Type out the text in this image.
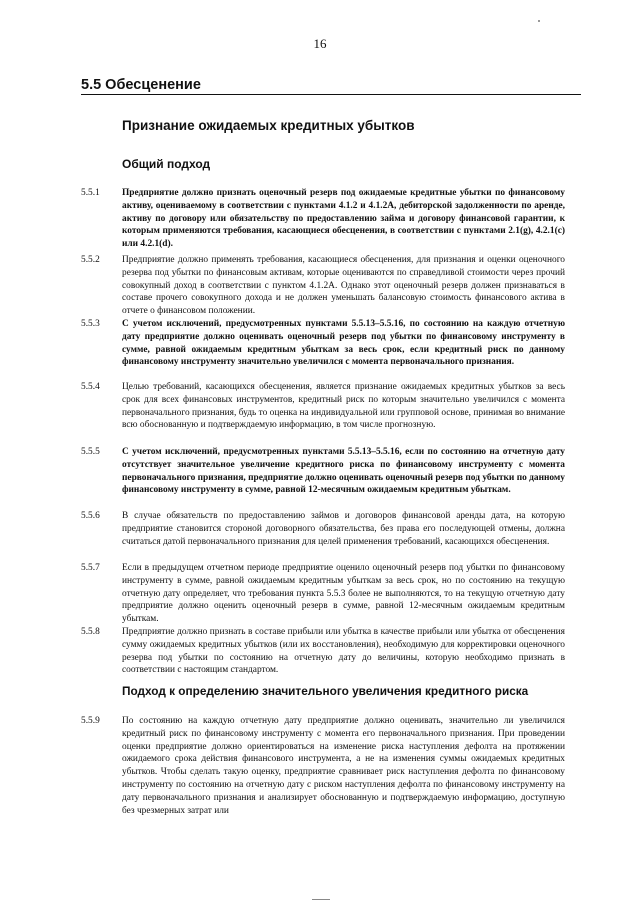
16
5.5 Обесценение
Признание ожидаемых кредитных убытков
Общий подход
5.5.1 Предприятие должно признать оценочный резерв под ожидаемые кредитные убытки по финансовому активу, оцениваемому в соответствии с пунктами 4.1.2 и 4.1.2А, дебиторской задолженности по аренде, активу по договору или обязательству по предоставлению займа и договору финансовой гарантии, к которым применяются требования, касающиеся обесценения, в соответствии с пунктами 2.1(g), 4.2.1(c) или 4.2.1(d).
5.5.2 Предприятие должно применять требования, касающиеся обесценения, для признания и оценки оценочного резерва под убытки по финансовым активам, которые оцениваются по справедливой стоимости через прочий совокупный доход в соответствии с пунктом 4.1.2А. Однако этот оценочный резерв должен признаваться в составе прочего совокупного дохода и не должен уменьшать балансовую стоимость финансового актива в отчете о финансовом положении.
5.5.3 С учетом исключений, предусмотренных пунктами 5.5.13–5.5.16, по состоянию на каждую отчетную дату предприятие должно оценивать оценочный резерв под убытки по финансовому инструменту в сумме, равной ожидаемым кредитным убыткам за весь срок, если кредитный риск по данному финансовому инструменту значительно увеличился с момента первоначального признания.
5.5.4 Целью требований, касающихся обесценения, является признание ожидаемых кредитных убытков за весь срок для всех финансовых инструментов, кредитный риск по которым значительно увеличился с момента первоначального признания, будь то оценка на индивидуальной или групповой основе, принимая во внимание всю обоснованную и подтверждаемую информацию, в том числе прогнозную.
5.5.5 С учетом исключений, предусмотренных пунктами 5.5.13–5.5.16, если по состоянию на отчетную дату отсутствует значительное увеличение кредитного риска по финансовому инструменту с момента первоначального признания, предприятие должно оценивать оценочный резерв под убытки по данному финансовому инструменту в сумме, равной 12-месячным ожидаемым кредитным убыткам.
5.5.6 В случае обязательств по предоставлению займов и договоров финансовой аренды дата, на которую предприятие становится стороной договорного обязательства, без права его последующей отмены, должна считаться датой первоначального признания для целей применения требований, касающихся обесценения.
5.5.7 Если в предыдущем отчетном периоде предприятие оценило оценочный резерв под убытки по финансовому инструменту в сумме, равной ожидаемым кредитным убыткам за весь срок, но по состоянию на текущую отчетную дату определяет, что требования пункта 5.5.3 более не выполняются, то на текущую отчетную дату предприятие должно оценить оценочный резерв в сумме, равной 12-месячным ожидаемым кредитным убыткам.
5.5.8 Предприятие должно признать в составе прибыли или убытка в качестве прибыли или убытка от обесценения сумму ожидаемых кредитных убытков (или их восстановления), необходимую для корректировки оценочного резерва под убытки по состоянию на отчетную дату до величины, которую необходимо признать в соответствии с настоящим стандартом.
Подход к определению значительного увеличения кредитного риска
5.5.9 По состоянию на каждую отчетную дату предприятие должно оценивать, значительно ли увеличился кредитный риск по финансовому инструменту с момента его первоначального признания. При проведении оценки предприятие должно ориентироваться на изменение риска наступления дефолта на протяжении ожидаемого срока действия финансового инструмента, а не на изменения суммы ожидаемых кредитных убытков. Чтобы сделать такую оценку, предприятие сравнивает риск наступления дефолта по финансовому инструменту по состоянию на отчетную дату с риском наступления дефолта по финансовому инструменту на дату первоначального признания и анализирует обоснованную и подтверждаемую информацию, доступную без чрезмерных затрат или
